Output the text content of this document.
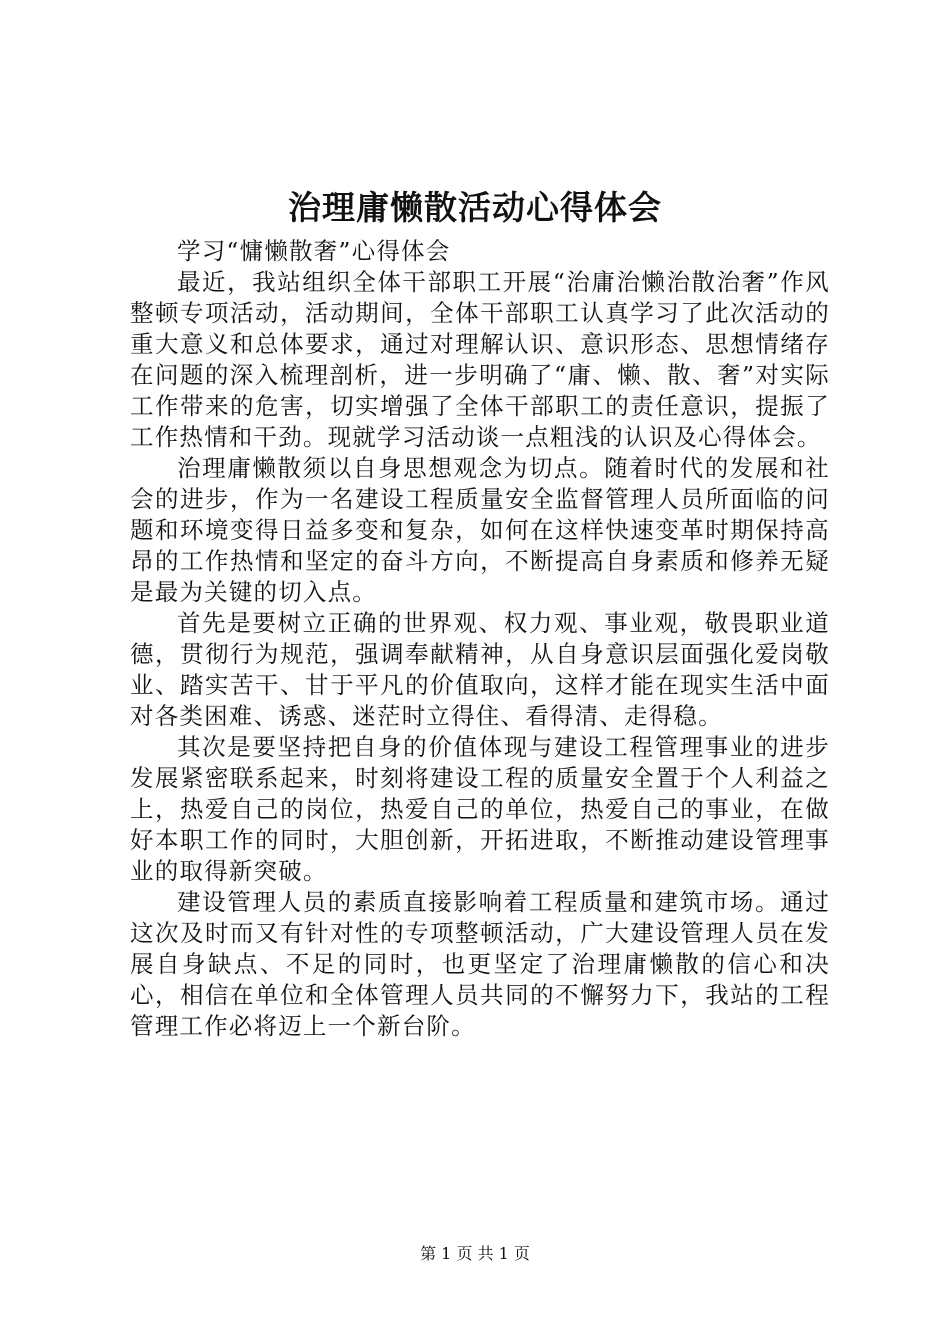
治理庸懒散活动心得体会

学习“慵懒散奢”心得体会

最近，我站组织全体干部职工开展“治庸治懒治散治奢”作风整顿专项活动，活动期间，全体干部职工认真学习了此次活动的重大意义和总体要求，通过对理解认识、意识形态、思想情绪存在问题的深入梳理剖析，进一步明确了“庸、懒、散、奢”对实际工作带来的危害，切实增强了全体干部职工的责任意识，提振了工作热情和干劲。现就学习活动谈一点粗浅的认识及心得体会。

治理庸懒散须以自身思想观念为切点。随着时代的发展和社会的进步，作为一名建设工程质量安全监督管理人员所面临的问题和环境变得日益多变和复杂，如何在这样快速变革时期保持高昂的工作热情和坚定的奋斗方向，不断提高自身素质和修养无疑是最为关键的切入点。

首先是要树立正确的世界观、权力观、事业观，敬畏职业道德，贯彻行为规范，强调奉献精神，从自身意识层面强化爱岗敬业、踏实苦干、甘于平凡的价值取向，这样才能在现实生活中面对各类困难、诱惑、迷茫时立得住、看得清、走得稳。

其次是要坚持把自身的价值体现与建设工程管理事业的进步发展紧密联系起来，时刻将建设工程的质量安全置于个人利益之上，热爱自己的岗位，热爱自己的单位，热爱自己的事业，在做好本职工作的同时，大胆创新，开拓进取，不断推动建设管理事业的取得新突破。

建设管理人员的素质直接影响着工程质量和建筑市场。通过这次及时而又有针对性的专项整顿活动，广大建设管理人员在发展自身缺点、不足的同时，也更坚定了治理庸懒散的信心和决心，相信在单位和全体管理人员共同的不懈努力下，我站的工程管理工作必将迈上一个新台阶。

第 1 页 共 1 页
